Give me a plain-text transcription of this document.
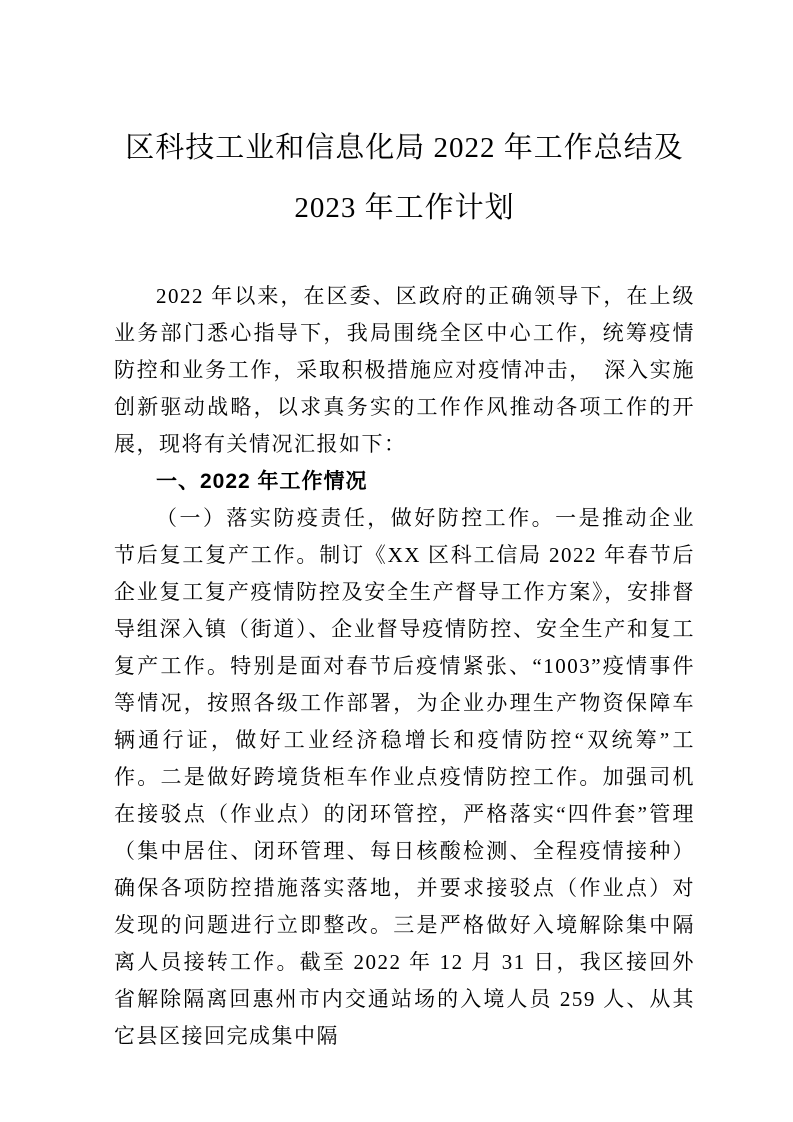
区科技工业和信息化局 2022 年工作总结及
2023 年工作计划

2022 年以来，在区委、区政府的正确领导下，在上级业务部门悉心指导下，我局围绕全区中心工作，统筹疫情防控和业务工作，采取积极措施应对疫情冲击，　深入实施创新驱动战略，以求真务实的工作作风推动各项工作的开展，现将有关情况汇报如下：

一、2022 年工作情况

（一）落实防疫责任，做好防控工作。一是推动企业节后复工复产工作。制订《XX 区科工信局 2022 年春节后企业复工复产疫情防控及安全生产督导工作方案》，安排督导组深入镇（街道）、企业督导疫情防控、安全生产和复工复产工作。特别是面对春节后疫情紧张、“1003”疫情事件等情况，按照各级工作部署，为企业办理生产物资保障车辆通行证，做好工业经济稳增长和疫情防控“双统筹”工作。二是做好跨境货柜车作业点疫情防控工作。加强司机在接驳点（作业点）的闭环管控，严格落实“四件套”管理（集中居住、闭环管理、每日核酸检测、全程疫情接种）确保各项防控措施落实落地，并要求接驳点（作业点）对发现的问题进行立即整改。三是严格做好入境解除集中隔离人员接转工作。截至 2022 年 12 月 31 日，我区接回外省解除隔离回惠州市内交通站场的入境人员 259 人、从其它县区接回完成集中隔
